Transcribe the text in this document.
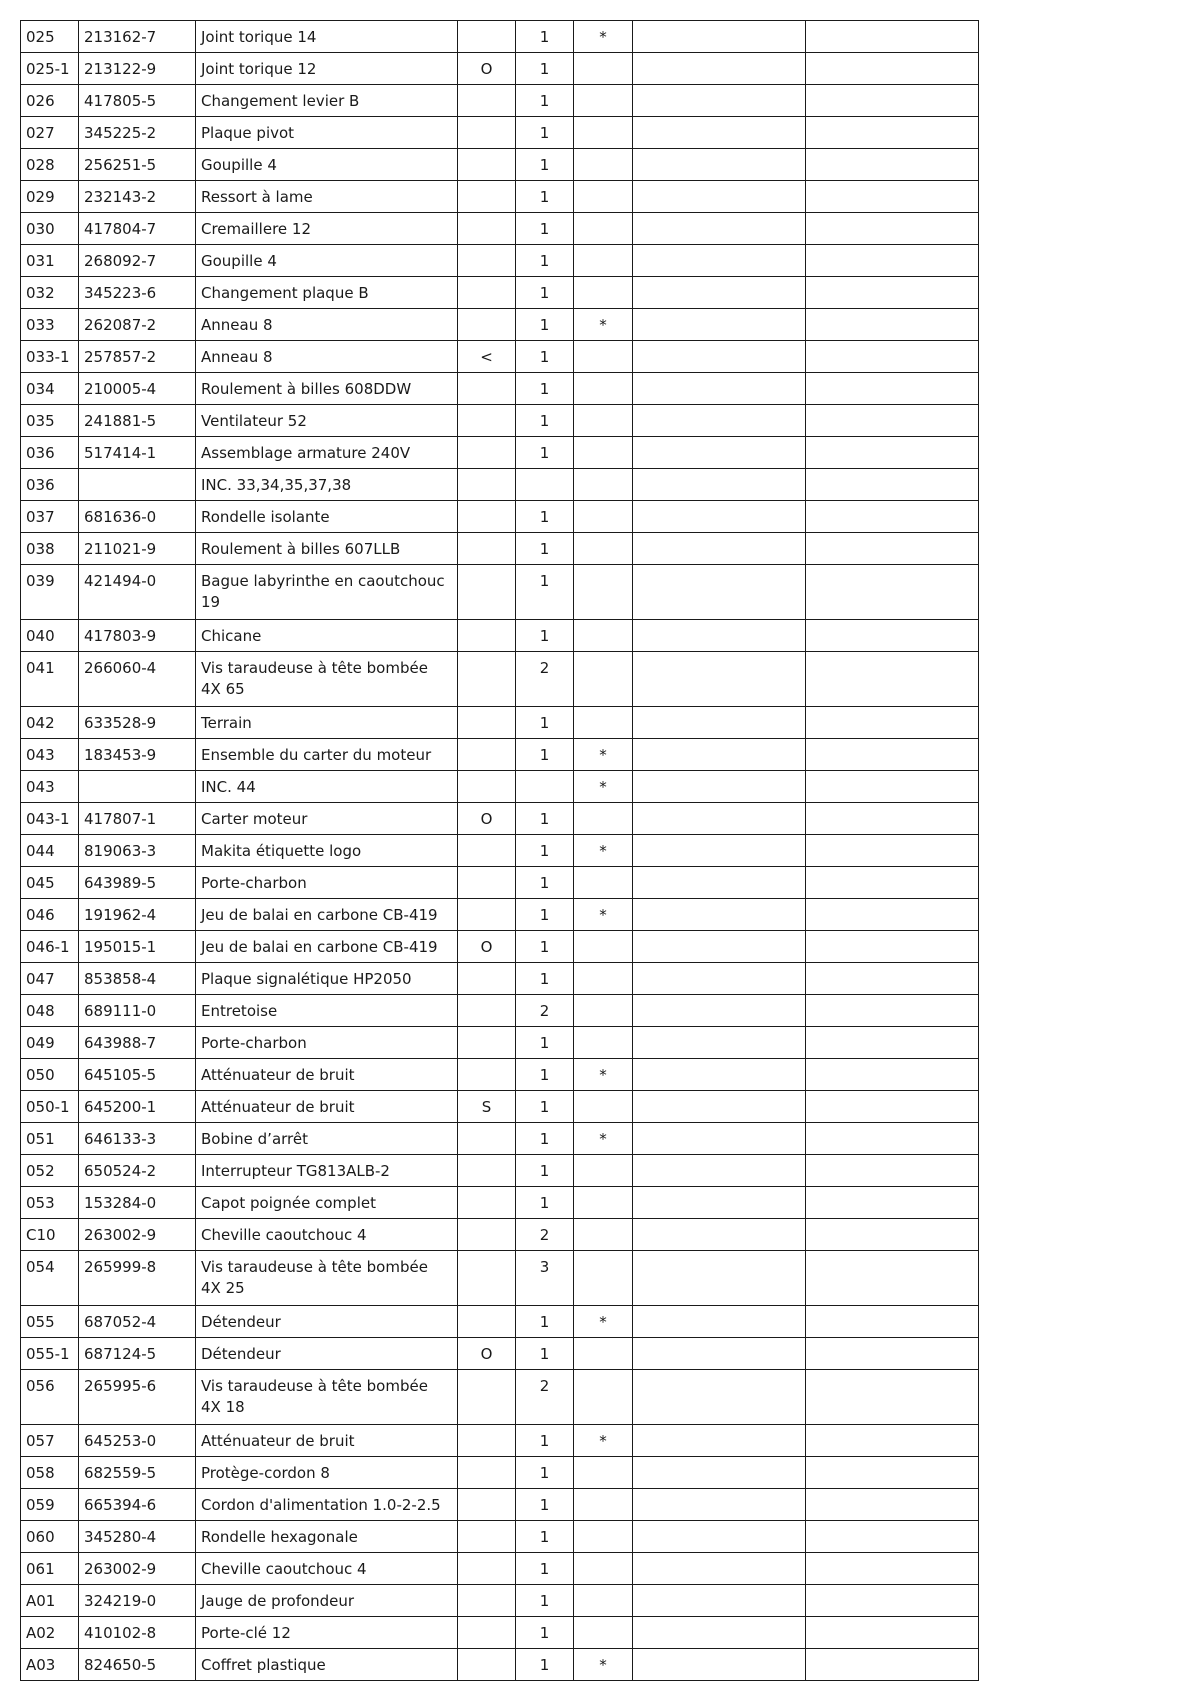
025	213162-7	Joint torique 14		1	*		
025-1	213122-9	Joint torique 12	O	1			
026	417805-5	Changement levier B		1			
027	345225-2	Plaque pivot		1			
028	256251-5	Goupille 4		1			
029	232143-2	Ressort à lame		1			
030	417804-7	Cremaillere 12		1			
031	268092-7	Goupille 4		1			
032	345223-6	Changement plaque B		1			
033	262087-2	Anneau 8		1	*		
033-1	257857-2	Anneau 8	<	1			
034	210005-4	Roulement à billes 608DDW		1			
035	241881-5	Ventilateur 52		1			
036	517414-1	Assemblage armature 240V		1			
036		INC. 33,34,35,37,38					
037	681636-0	Rondelle isolante		1			
038	211021-9	Roulement à billes 607LLB		1			
039	421494-0	Bague labyrinthe en caoutchouc 19		1			
040	417803-9	Chicane		1			
041	266060-4	Vis taraudeuse à tête bombée 4X 65		2			
042	633528-9	Terrain		1			
043	183453-9	Ensemble du carter du moteur		1	*		
043		INC. 44			*		
043-1	417807-1	Carter moteur	O	1			
044	819063-3	Makita étiquette logo		1	*		
045	643989-5	Porte-charbon		1			
046	191962-4	Jeu de balai en carbone CB-419		1	*		
046-1	195015-1	Jeu de balai en carbone CB-419	O	1			
047	853858-4	Plaque signalétique HP2050		1			
048	689111-0	Entretoise		2			
049	643988-7	Porte-charbon		1			
050	645105-5	Atténuateur de bruit		1	*		
050-1	645200-1	Atténuateur de bruit	S	1			
051	646133-3	Bobine d’arrêt		1	*		
052	650524-2	Interrupteur TG813ALB-2		1			
053	153284-0	Capot poignée complet		1			
C10	263002-9	Cheville caoutchouc 4		2			
054	265999-8	Vis taraudeuse à tête bombée 4X 25		3			
055	687052-4	Détendeur		1	*		
055-1	687124-5	Détendeur	O	1			
056	265995-6	Vis taraudeuse à tête bombée 4X 18		2			
057	645253-0	Atténuateur de bruit		1	*		
058	682559-5	Protège-cordon 8		1			
059	665394-6	Cordon d'alimentation 1.0-2-2.5		1			
060	345280-4	Rondelle hexagonale		1			
061	263002-9	Cheville caoutchouc 4		1			
A01	324219-0	Jauge de profondeur		1			
A02	410102-8	Porte-clé 12		1			
A03	824650-5	Coffret plastique		1	*		
